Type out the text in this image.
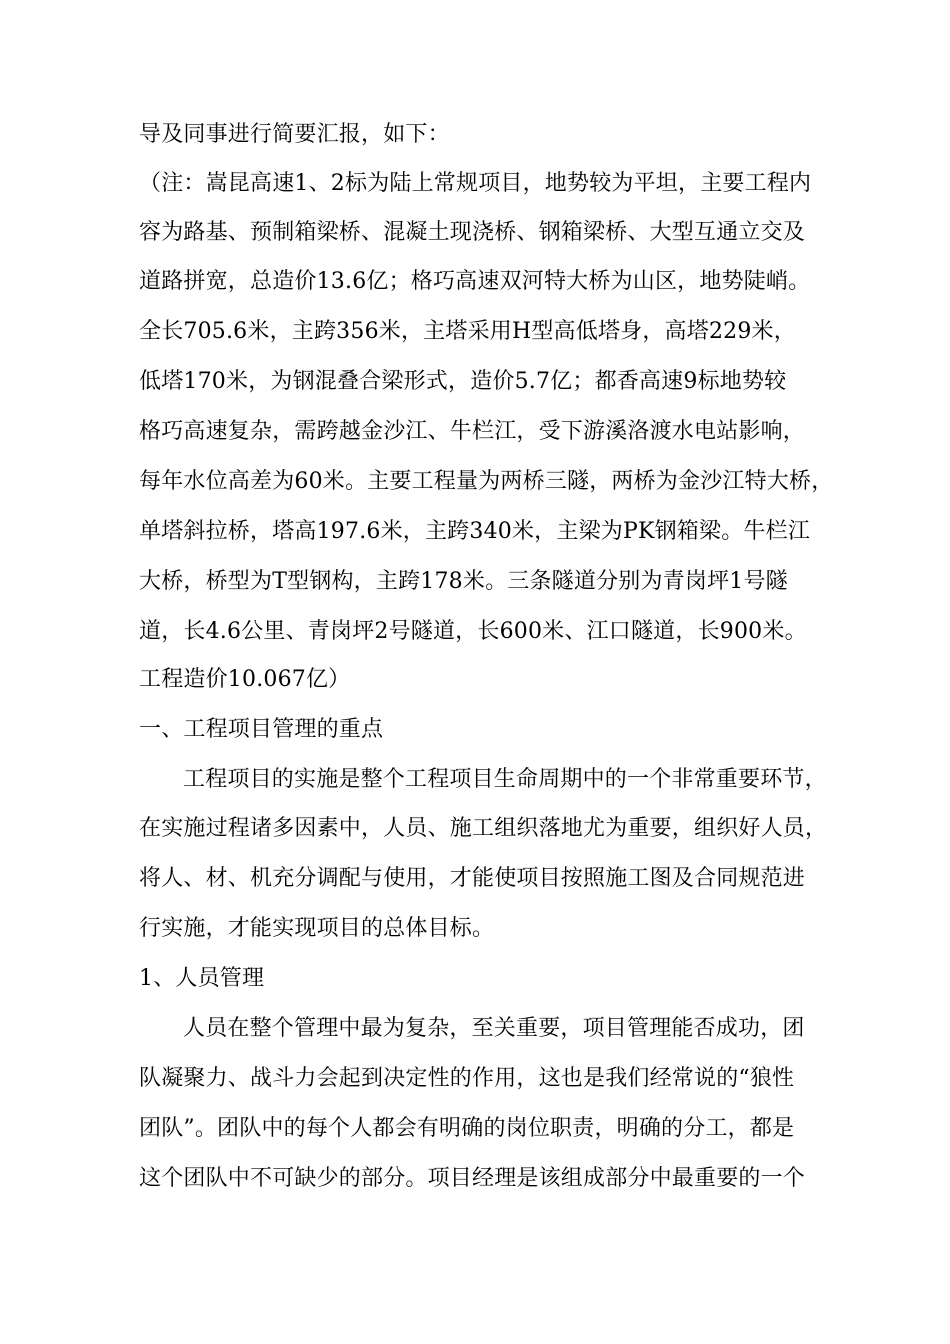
导及同事进行简要汇报，如下：
（注：嵩昆高速1、2标为陆上常规项目，地势较为平坦，主要工程内
容为路基、预制箱梁桥、混凝土现浇桥、钢箱梁桥、大型互通立交及
道路拼宽，总造价13.6亿；格巧高速双河特大桥为山区，地势陡峭。
全长705.6米，主跨356米，主塔采用H型高低塔身，高塔229米，
低塔170米，为钢混叠合梁形式，造价5.7亿；都香高速9标地势较
格巧高速复杂，需跨越金沙江、牛栏江，受下游溪洛渡水电站影响，
每年水位高差为60米。主要工程量为两桥三隧，两桥为金沙江特大桥，
单塔斜拉桥，塔高197.6米，主跨340米，主梁为PK钢箱梁。牛栏江
大桥，桥型为T型钢构，主跨178米。三条隧道分别为青岗坪1号隧
道，长4.6公里、青岗坪2号隧道，长600米、江口隧道，长900米。
工程造价10.067亿）
一、工程项目管理的重点
工程项目的实施是整个工程项目生命周期中的一个非常重要环节，
在实施过程诸多因素中，人员、施工组织落地尤为重要，组织好人员，
将人、材、机充分调配与使用，才能使项目按照施工图及合同规范进
行实施，才能实现项目的总体目标。
1、人员管理
人员在整个管理中最为复杂，至关重要，项目管理能否成功，团
队凝聚力、战斗力会起到决定性的作用，这也是我们经常说的“狼性
团队”。团队中的每个人都会有明确的岗位职责，明确的分工，都是
这个团队中不可缺少的部分。项目经理是该组成部分中最重要的一个
